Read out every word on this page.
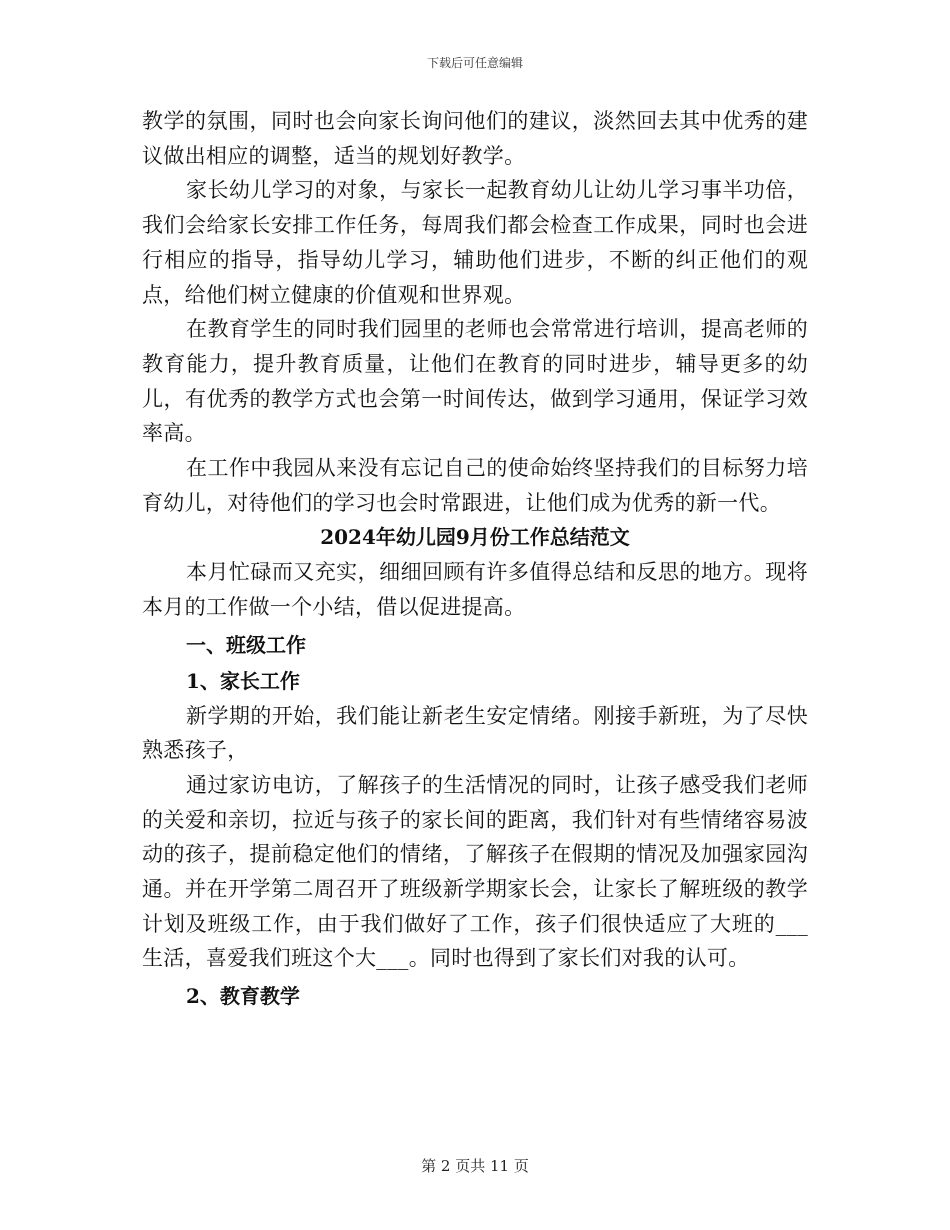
下载后可任意编辑

教学的氛围，同时也会向家长询问他们的建议，淡然回去其中优秀的建议做出相应的调整，适当的规划好教学。

家长幼儿学习的对象，与家长一起教育幼儿让幼儿学习事半功倍，我们会给家长安排工作任务，每周我们都会检查工作成果，同时也会进行相应的指导，指导幼儿学习，辅助他们进步，不断的纠正他们的观点，给他们树立健康的价值观和世界观。

在教育学生的同时我们园里的老师也会常常进行培训，提高老师的教育能力，提升教育质量，让他们在教育的同时进步，辅导更多的幼儿，有优秀的教学方式也会第一时间传达，做到学习通用，保证学习效率高。

在工作中我园从来没有忘记自己的使命始终坚持我们的目标努力培育幼儿，对待他们的学习也会时常跟进，让他们成为优秀的新一代。

2024年幼儿园9月份工作总结范文

本月忙碌而又充实，细细回顾有许多值得总结和反思的地方。现将本月的工作做一个小结，借以促进提高。

一、班级工作
1、家长工作

新学期的开始，我们能让新老生安定情绪。刚接手新班，为了尽快熟悉孩子，

通过家访电访，了解孩子的生活情况的同时，让孩子感受我们老师的关爱和亲切，拉近与孩子的家长间的距离，我们针对有些情绪容易波动的孩子，提前稳定他们的情绪，了解孩子在假期的情况及加强家园沟通。并在开学第二周召开了班级新学期家长会，让家长了解班级的教学计划及班级工作，由于我们做好了工作，孩子们很快适应了大班的___生活，喜爱我们班这个大___。同时也得到了家长们对我的认可。

2、教育教学
第 2 页共 11 页
